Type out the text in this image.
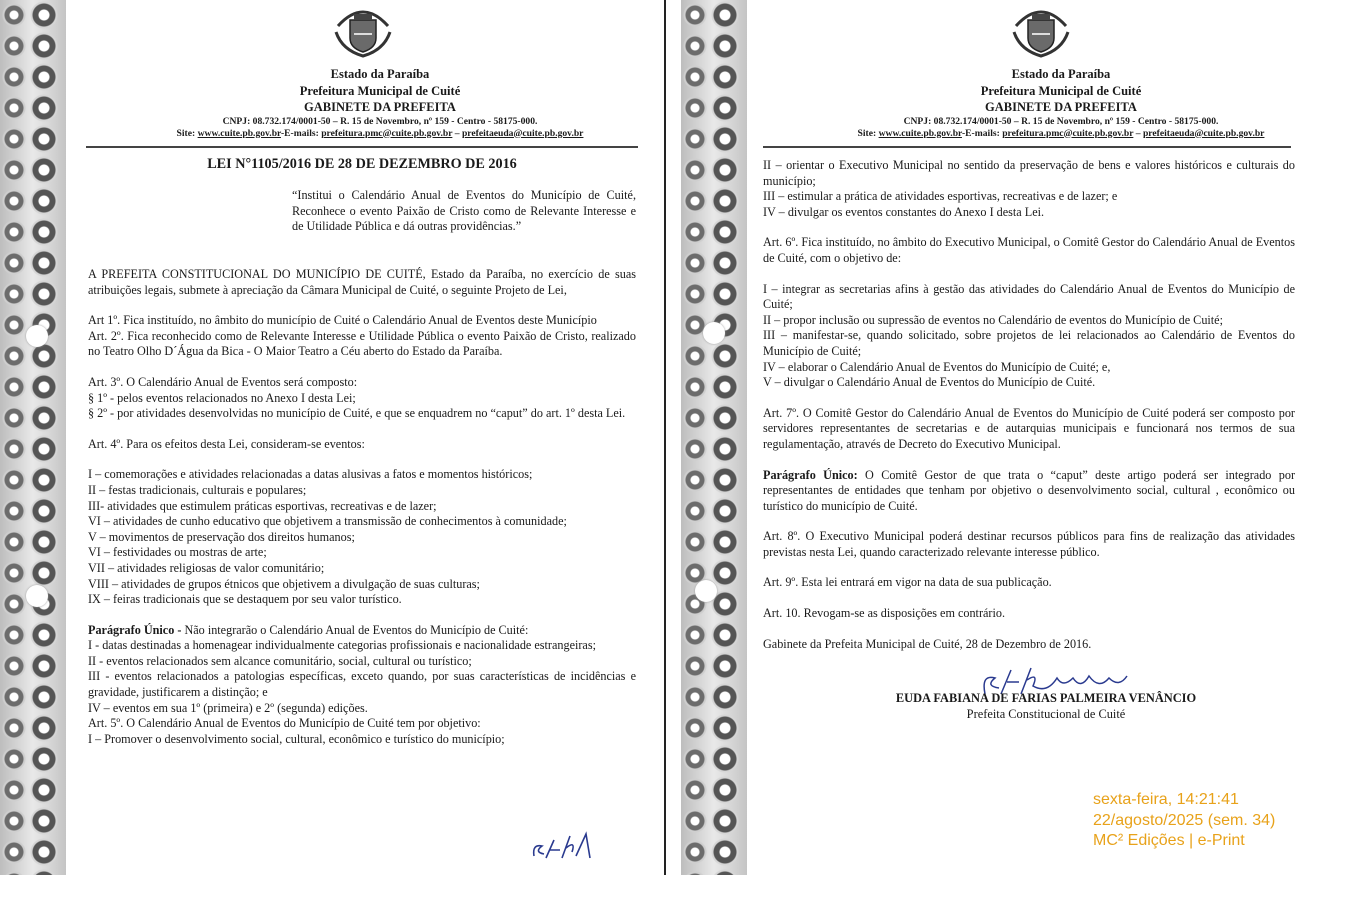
Estado da Paraíba
Prefeitura Municipal de Cuité
GABINETE DA PREFEITA
CNPJ: 08.732.174/0001-50 – R. 15 de Novembro, nº 159 - Centro - 58175-000.
Site: www.cuite.pb.gov.br-E-mails: prefeitura.pmc@cuite.pb.gov.br – prefeitaeuda@cuite.pb.gov.br
LEI N°1105/2016 DE 28 DE DEZEMBRO DE 2016
“Institui o Calendário Anual de Eventos do Município de Cuité, Reconhece o evento Paixão de Cristo como de Relevante Interesse e de Utilidade Pública e dá outras providências.”

A PREFEITA CONSTITUCIONAL DO MUNICÍPIO DE CUITÉ, Estado da Paraíba, no exercício de suas atribuições legais, submete à apreciação da Câmara Municipal de Cuité, o seguinte Projeto de Lei,

Art 1º. Fica instituído, no âmbito do município de Cuité o Calendário Anual de Eventos deste Município

Art. 2º. Fica reconhecido como de Relevante Interesse e Utilidade Pública o evento Paixão de Cristo, realizado no Teatro Olho D´Água da Bica - O Maior Teatro a Céu aberto do Estado da Paraíba.

Art. 3º. O Calendário Anual de Eventos será composto:

§ 1º - pelos eventos relacionados no Anexo I desta Lei;

§ 2º - por atividades desenvolvidas no município de Cuité, e que se enquadrem no “caput” do art. 1º desta Lei.

Art. 4º. Para os efeitos desta Lei, consideram-se eventos:

I – comemorações e atividades relacionadas a datas alusivas a fatos e momentos históricos;

II – festas tradicionais, culturais e populares;

III- atividades que estimulem práticas esportivas, recreativas e de lazer;

VI – atividades de cunho educativo que objetivem a transmissão de conhecimentos à comunidade;

V – movimentos de preservação dos direitos humanos;

VI – festividades ou mostras de arte;

VII – atividades religiosas de valor comunitário;

VIII – atividades de grupos étnicos que objetivem a divulgação de suas culturas;

IX – feiras tradicionais que se destaquem por seu valor turístico.

Parágrafo Único - Não integrarão o Calendário Anual de Eventos do Município de Cuité:

I - datas destinadas a homenagear individualmente categorias profissionais e nacionalidade estrangeiras;

II - eventos relacionados sem alcance comunitário, social, cultural ou turístico;

III - eventos relacionados a patologias específicas, exceto quando, por suas características de incidências e gravidade, justificarem a distinção; e

IV – eventos em sua 1º (primeira) e 2º (segunda) edições.

Art. 5º. O Calendário Anual de Eventos do Município de Cuité tem por objetivo:

I – Promover o desenvolvimento social, cultural, econômico e turístico do município;

Estado da Paraíba
Prefeitura Municipal de Cuité
GABINETE DA PREFEITA
CNPJ: 08.732.174/0001-50 – R. 15 de Novembro, nº 159 - Centro - 58175-000.
Site: www.cuite.pb.gov.br-E-mails: prefeitura.pmc@cuite.pb.gov.br – prefeitaeuda@cuite.pb.gov.br

II – orientar o Executivo Municipal no sentido da preservação de bens e valores históricos e culturais do município;

III – estimular a prática de atividades esportivas, recreativas e de lazer; e

IV – divulgar os eventos constantes do Anexo I desta Lei.

Art. 6º. Fica instituído, no âmbito do Executivo Municipal, o Comitê Gestor do Calendário Anual de Eventos de Cuité, com o objetivo de:

I – integrar as secretarias afins à gestão das atividades do Calendário Anual de Eventos do Município de Cuité;

II – propor inclusão ou supressão de eventos no Calendário de eventos do Município de Cuité;

III – manifestar-se, quando solicitado, sobre projetos de lei relacionados ao Calendário de Eventos do Município de Cuité;

IV – elaborar o Calendário Anual de Eventos do Município de Cuité; e,

V – divulgar o Calendário Anual de Eventos do Município de Cuité.

Art. 7º. O Comitê Gestor do Calendário Anual de Eventos do Município de Cuité poderá ser composto por servidores representantes de secretarias e de autarquias municipais e funcionará nos termos de sua regulamentação, através de Decreto do Executivo Municipal.

Parágrafo Único: O Comitê Gestor de que trata o “caput” deste artigo poderá ser integrado por representantes de entidades que tenham por objetivo o desenvolvimento social, cultural , econômico ou turístico do município de Cuité.

Art. 8º. O Executivo Municipal poderá destinar recursos públicos para fins de realização das atividades previstas nesta Lei, quando caracterizado relevante interesse público.

Art. 9º. Esta lei entrará em vigor na data de sua publicação.

Art. 10. Revogam-se as disposições em contrário.

Gabinete da Prefeita Municipal de Cuité, 28 de Dezembro de 2016.

EUDA FABIANA DE FARIAS PALMEIRA VENÂNCIO
Prefeita Constitucional de Cuité
sexta-feira, 14:21:41
22/agosto/2025 (sem. 34)
MC² Edições | e-Print
